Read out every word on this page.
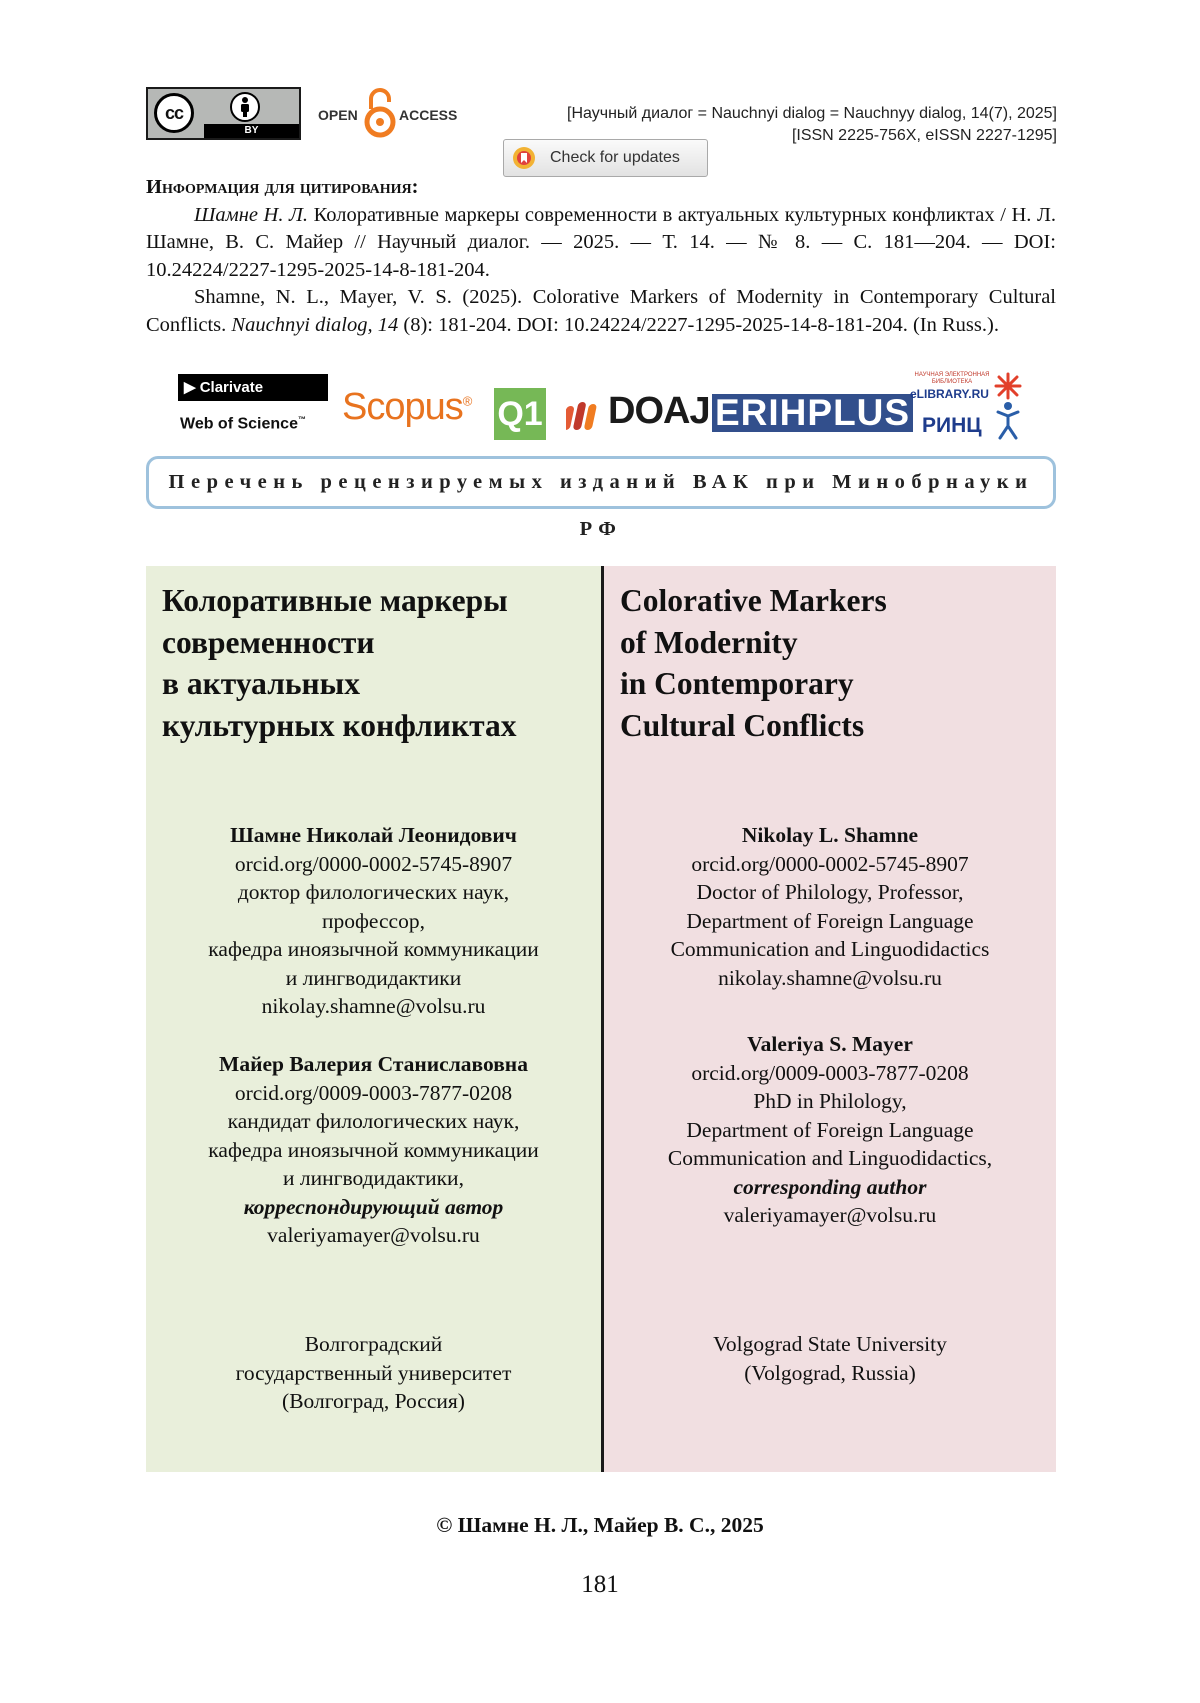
cc
BY
OPEN	ACCESS	[Научный диалог = Nauchnyi dialog = Nauchnyy dialog, 14(7), 2025]
[ISSN 2225-756X, eISSN 2227-1295]
Check for updates
Информация для цитирования:

Шамне Н. Л. Колоративные маркеры современности в актуальных культурных конфликтах / Н. Л. Шамне, В. С. Майер // Научный диалог. — 2025. — Т. 14. — № 8. — С. 181—204. — DOI: 10.24224/2227-1295-2025-14-8-181-204.

Shamne, N. L., Mayer, V. S. (2025). Colorative Markers of Modernity in Contemporary Cultural Conflicts. Nauchnyi dialog, 14 (8): 181-204. DOI: 10.24224/2227-1295-2025-14-8-181-204. (In Russ.).

▶︎ Clarivate
Web of Science™ Scopus® Q1 DOAJ ERIHPLUS
НАУЧНАЯ ЭЛЕКТРОННАЯ БИБЛИОТЕКА
eLIBRARY.RU
РИНЦ
Перечень рецензируемых изданий ВАК при Минобрнауки РФ
Колоративные маркеры
современности
в актуальных
культурных конфликтах
Шамне Николай Леонидович
orcid.org/0000-0002-5745-8907
доктор филологических наук,
профессор,
кафедра иноязычной коммуникации
и лингводидактики
nikolay.shamne@volsu.ru
Майер Валерия Станиславовна
orcid.org/0009-0003-7877-0208
кандидат филологических наук,
кафедра иноязычной коммуникации
и лингводидактики,
корреспондирующий автор
valeriyamayer@volsu.ru
Волгоградский
государственный университет
(Волгоград, Россия)
Colorative Markers
of Modernity
in Contemporary
Cultural Conflicts
Nikolay L. Shamne
orcid.org/0000-0002-5745-8907
Doctor of Philology, Professor,
Department of Foreign Language
Communication and Linguodidactics
nikolay.shamne@volsu.ru
Valeriya S. Mayer
orcid.org/0009-0003-7877-0208
PhD in Philology,
Department of Foreign Language
Communication and Linguodidactics,
corresponding author
valeriyamayer@volsu.ru
Volgograd State University
(Volgograd, Russia)
© Шамне Н. Л., Майер В. С., 2025
181
